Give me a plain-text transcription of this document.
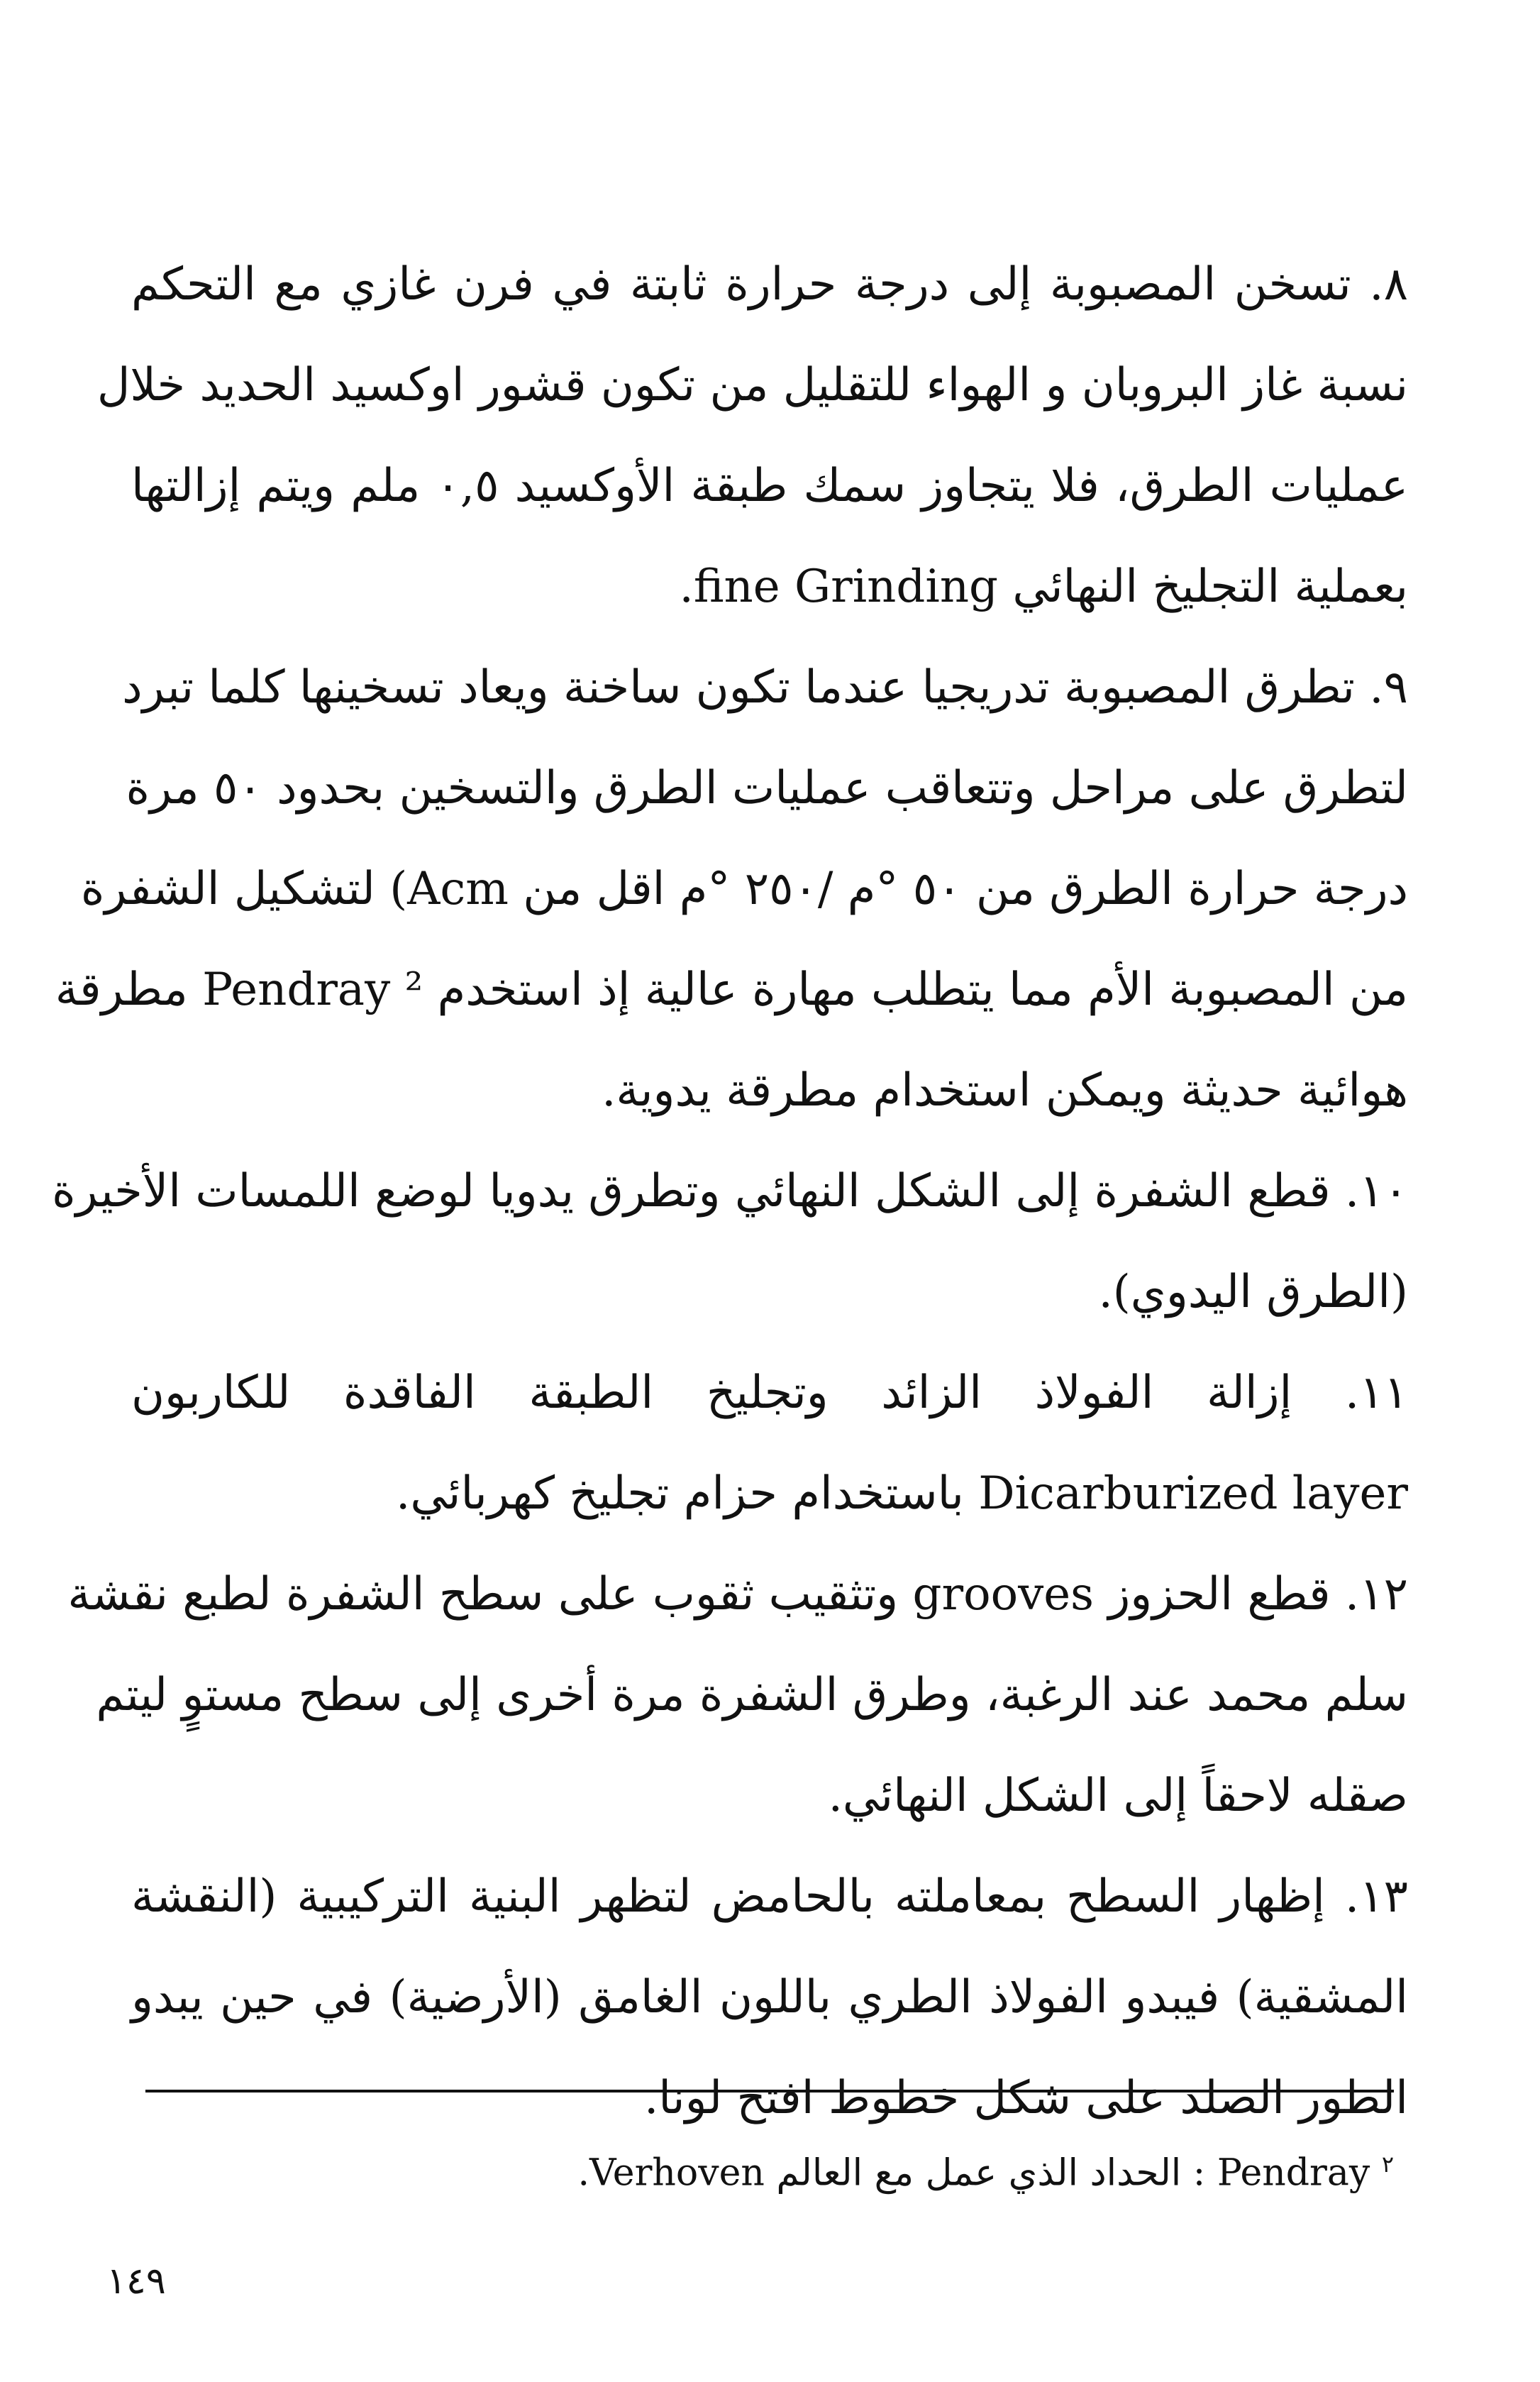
٨. تسخن المصبوبة إلى درجة حرارة ثابتة في فرن غازي مع التحكم
نسبة غاز البروبان و الهواء للتقليل من تكون قشور اوكسيد الحديد خلال
عمليات الطرق، فلا يتجاوز سمك طبقة الأوكسيد ٠,٥ ملم ويتم إزالتها
بعملية التجليخ النهائي fine Grinding.
٩. تطرق المصبوبة تدريجيا عندما تكون ساخنة ويعاد تسخينها كلما تبرد
لتطرق على مراحل وتتعاقب عمليات الطرق والتسخين بحدود ٥٠ مرة
درجة حرارة الطرق من ٥٠ °م /٢٥٠ °م اقل من Acm) لتشكيل الشفرة
من المصبوبة الأم مما يتطلب مهارة عالية إذ استخدم Pendray ² مطرقة
هوائية حديثة ويمكن استخدام مطرقة يدوية.
١٠. قطع الشفرة إلى الشكل النهائي وتطرق يدويا لوضع اللمسات الأخيرة
(الطرق اليدوي).
١١. إزالة الفولاذ الزائد وتجليخ الطبقة الفاقدة للكاربون
Dicarburized layer باستخدام حزام تجليخ كهربائي.
١٢. قطع الحزوز grooves وتثقيب ثقوب على سطح الشفرة لطبع نقشة
سلم محمد عند الرغبة، وطرق الشفرة مرة أخرى إلى سطح مستوٍ ليتم
صقله لاحقاً إلى الشكل النهائي.
١٣. إظهار السطح بمعاملته بالحامض لتظهر البنية التركيبية (النقشة
المشقية) فيبدو الفولاذ الطري باللون الغامق (الأرضية) في حين يبدو
الطور الصلد على شكل خطوط افتح لونا.
$^٢$ Pendray : الحداد الذي عمل مع العالم Verhoven.
١٤٩
